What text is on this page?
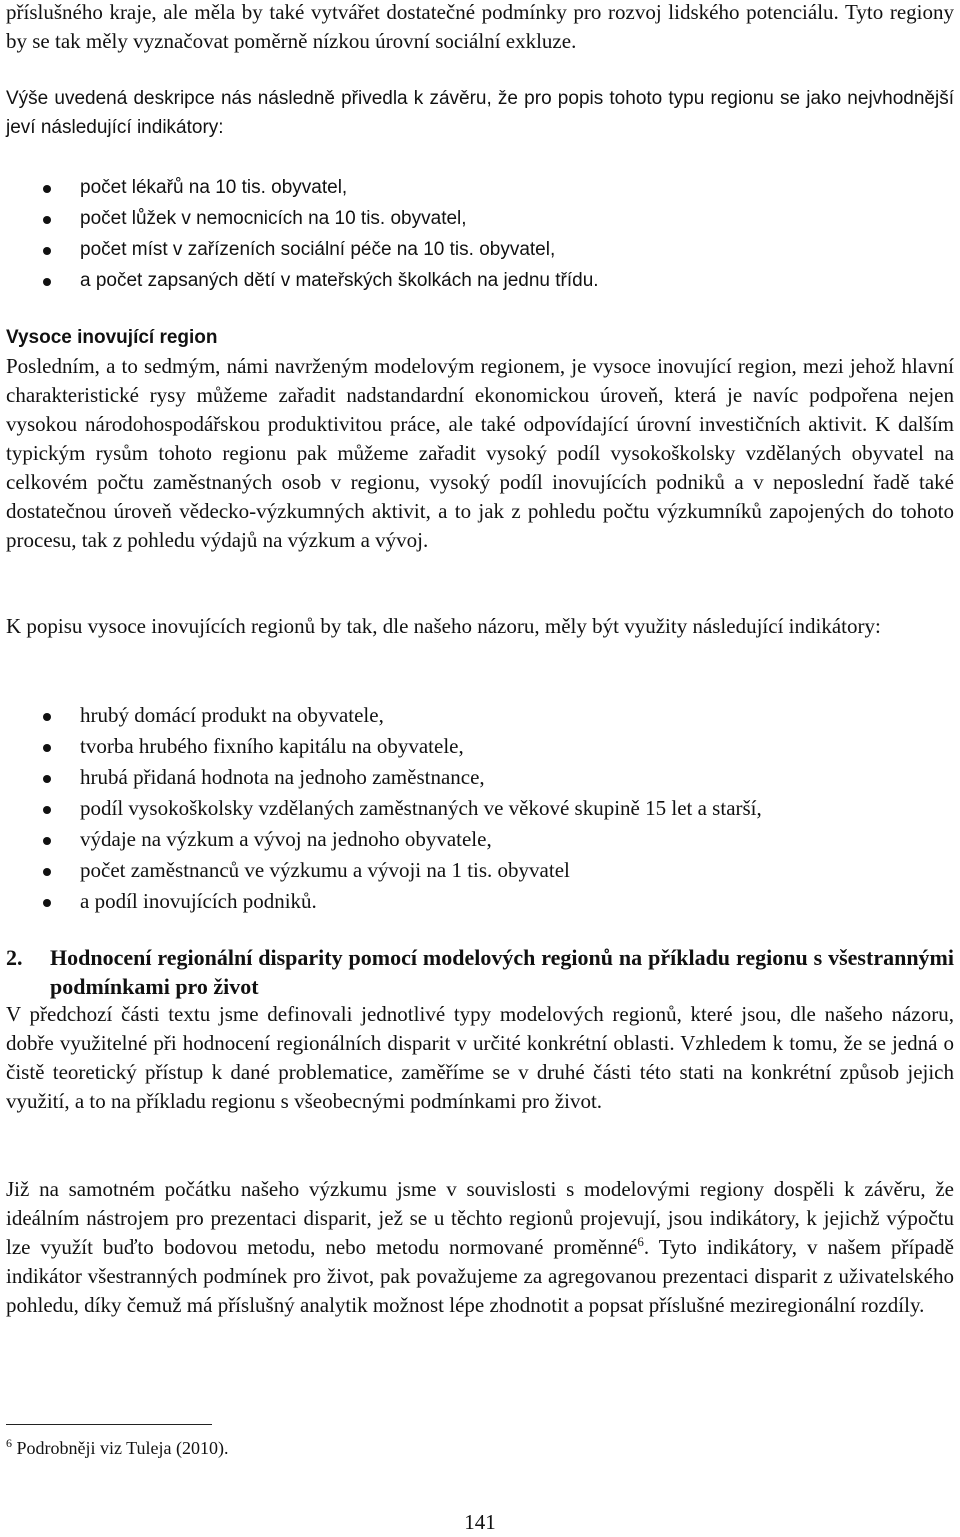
příslušného kraje, ale měla by také vytvářet dostatečné podmínky pro rozvoj lidského potenciálu. Tyto regiony by se tak měly vyznačovat poměrně nízkou úrovní sociální exkluze.

Výše uvedená deskripce nás následně přivedla k závěru, že pro popis tohoto typu regionu se jako nejvhodnější jeví následující indikátory:

počet lékařů na 10 tis. obyvatel,
počet lůžek v nemocnicích na 10 tis. obyvatel,
počet míst v zařízeních sociální péče na 10 tis. obyvatel,
a počet zapsaných dětí v mateřských školkách na jednu třídu.

Vysoce inovující region

Posledním, a to sedmým, námi navrženým modelovým regionem, je vysoce inovující region, mezi jehož hlavní charakteristické rysy můžeme zařadit nadstandardní ekonomickou úroveň, která je navíc podpořena nejen vysokou národohospodářskou produktivitou práce, ale také odpovídající úrovní investičních aktivit. K dalším typickým rysům tohoto regionu pak můžeme zařadit vysoký podíl vysokoškolsky vzdělaných obyvatel na celkovém počtu zaměstnaných osob v regionu, vysoký podíl inovujících podniků a v neposlední řadě také dostatečnou úroveň vědecko-výzkumných aktivit, a to jak z pohledu počtu výzkumníků zapojených do tohoto procesu, tak z pohledu výdajů na výzkum a vývoj.

K popisu vysoce inovujících regionů by tak, dle našeho názoru, měly být využity následující indikátory:

hrubý domácí produkt na obyvatele,
tvorba hrubého fixního kapitálu na obyvatele,
hrubá přidaná hodnota na jednoho zaměstnance,
podíl vysokoškolsky vzdělaných zaměstnaných ve věkové skupině 15 let a starší,
výdaje na výzkum a vývoj na jednoho obyvatele,
počet zaměstnanců ve výzkumu a vývoji na 1 tis. obyvatel
a podíl inovujících podniků.
2. Hodnocení regionální disparity pomocí modelových regionů na příkladu regionu s všestrannými podmínkami pro život

V předchozí části textu jsme definovali jednotlivé typy modelových regionů, které jsou, dle našeho názoru, dobře využitelné při hodnocení regionálních disparit v určité konkrétní oblasti. Vzhledem k tomu, že se jedná o čistě teoretický přístup k dané problematice, zaměříme se v druhé části této stati na konkrétní způsob jejich využití, a to na příkladu regionu s všeobecnými podmínkami pro život.

Již na samotném počátku našeho výzkumu jsme v souvislosti s modelovými regiony dospěli k závěru, že ideálním nástrojem pro prezentaci disparit, jež se u těchto regionů projevují, jsou indikátory, k jejichž výpočtu lze využít buďto bodovou metodu, nebo metodu normované proměnné$^6$. Tyto indikátory, v našem případě indikátor všestranných podmínek pro život, pak považujeme za agregovanou prezentaci disparit z uživatelského pohledu, díky čemuž má příslušný analytik možnost lépe zhodnotit a popsat příslušné meziregionální rozdíly.

$^6$ Podrobněji viz Tuleja (2010).
141
